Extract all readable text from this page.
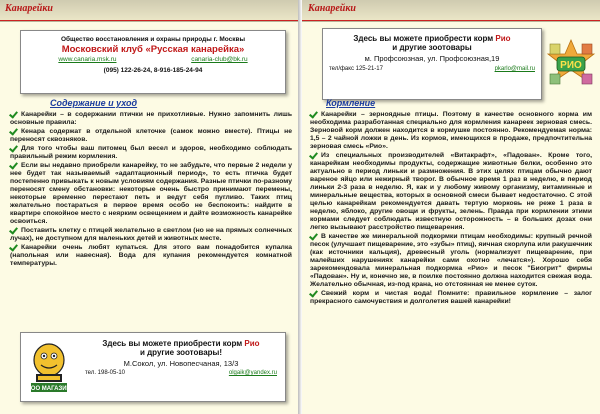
Канарейки
Общество восстановления и охраны природы г. Москвы
Московский клуб «Русская канарейка»
www.canaria.msk.ru	canaria-club@bk.ru
(095) 122-26-24, 8-916-185-24-94
Содержание и уход

Канарейки – в содержании птички не прихотливые. Нужно запомнить лишь основные правила:

Кенара содержат в отдельной клеточке (самок можно вместе). Птицы не переносят сквозняков.

Для того чтобы ваш питомец был весел и здоров, необходимо соблюдать правильный режим кормления.

Если вы недавно приобрели канарейку, то не забудьте, что первые 2 недели у нее будет так называемый «адаптационный период», то есть птичка будет постепенно привыкать к новым условиям содержания. Разные птички по-разному переносят смену обстановки: некоторые очень быстро принимают перемены, некоторые временно перестают петь и ведут себя пугливо. Таких птиц желательно постараться в первое время особо не беспокоить: найдите в квартире спокойное место с неярким освещением и дайте возможность канарейке освоиться.

Поставить клетку с птицей желательно в светлом (но не на прямых солнечных лучах), не доступном для маленьких детей и животных месте.

Канарейки очень любят купаться. Для этого вам понадобится купалка (напольная или навесная). Вода для купания рекомендуется комнатной температуры.

ЗОО МАГАЗИН
Здесь вы можете приобрести корм Рио
и другие зоотовары!
М.Сокол, ул. Новопесчаная, 13/3
тел. 198-05-10	olgaik@yandex.ru
Канарейки
Здесь вы можете приобрести корм Рио
и другие зоотовары
м. Профсоюзная, ул. Профсоюзная,19
тел/факс 125-21-17	pkarlo@mail.ru	РИО
Кормление

Канарейки – зерноядные птицы. Поэтому в качестве основного корма им необходима разработанная специально для кормления канареек зерновая смесь. Зерновой корм должен находится в кормушке постоянно. Рекомендуемая норма: 1,5 – 2 чайной ложки в день. Из кормов, имеющихся в продаже, предпочтительна зерновая смесь «Рио».

Из специальных производителей «Витакрафт», «Падован». Кроме того, канарейкам необходимы продукты, содержащие животные белки, особенно это актуально в период линьки и размножения. В этих целях птицам обычно дают вареное яйцо или нежирный творог. В обычное время 1 раз в неделю, в период линьки 2-3 раза в неделю. Я, как и у любому живому организму, витаминные и минеральные вещества, которых в основной смеси бывает недостаточно. С этой целью канарейкам рекомендуется давать тертую морковь не реже 1 раза в неделю, яблоко, другие овощи и фрукты, зелень. Правда при кормлении этими кормами следует соблюдать известную осторожность – в больших дозах они легко вызывают расстройство пищеварения.

В качестве же минеральной подкормки птицам необходимы: крупный речной песок (улучшает пищеварение, это «зубы» птиц), яичная скорлупа или ракушечник (как источники кальция), древесный уголь (нормализует пищеварение, при малейших нарушениях канарейки сами охотно «лечатся»). Хорошо себя зарекомендовала минеральная подкормка «Рио» и песок "Биогрит" фирмы «Падован». Ну и, конечно же, в поилке постоянно должна находится свежая вода. Желательно обычная, из-под крана, но отстоянная не менее суток.

Свежий корм и чистая вода! Помните: правильное кормление – залог прекрасного самочувствия и долголетия вашей канарейки!
